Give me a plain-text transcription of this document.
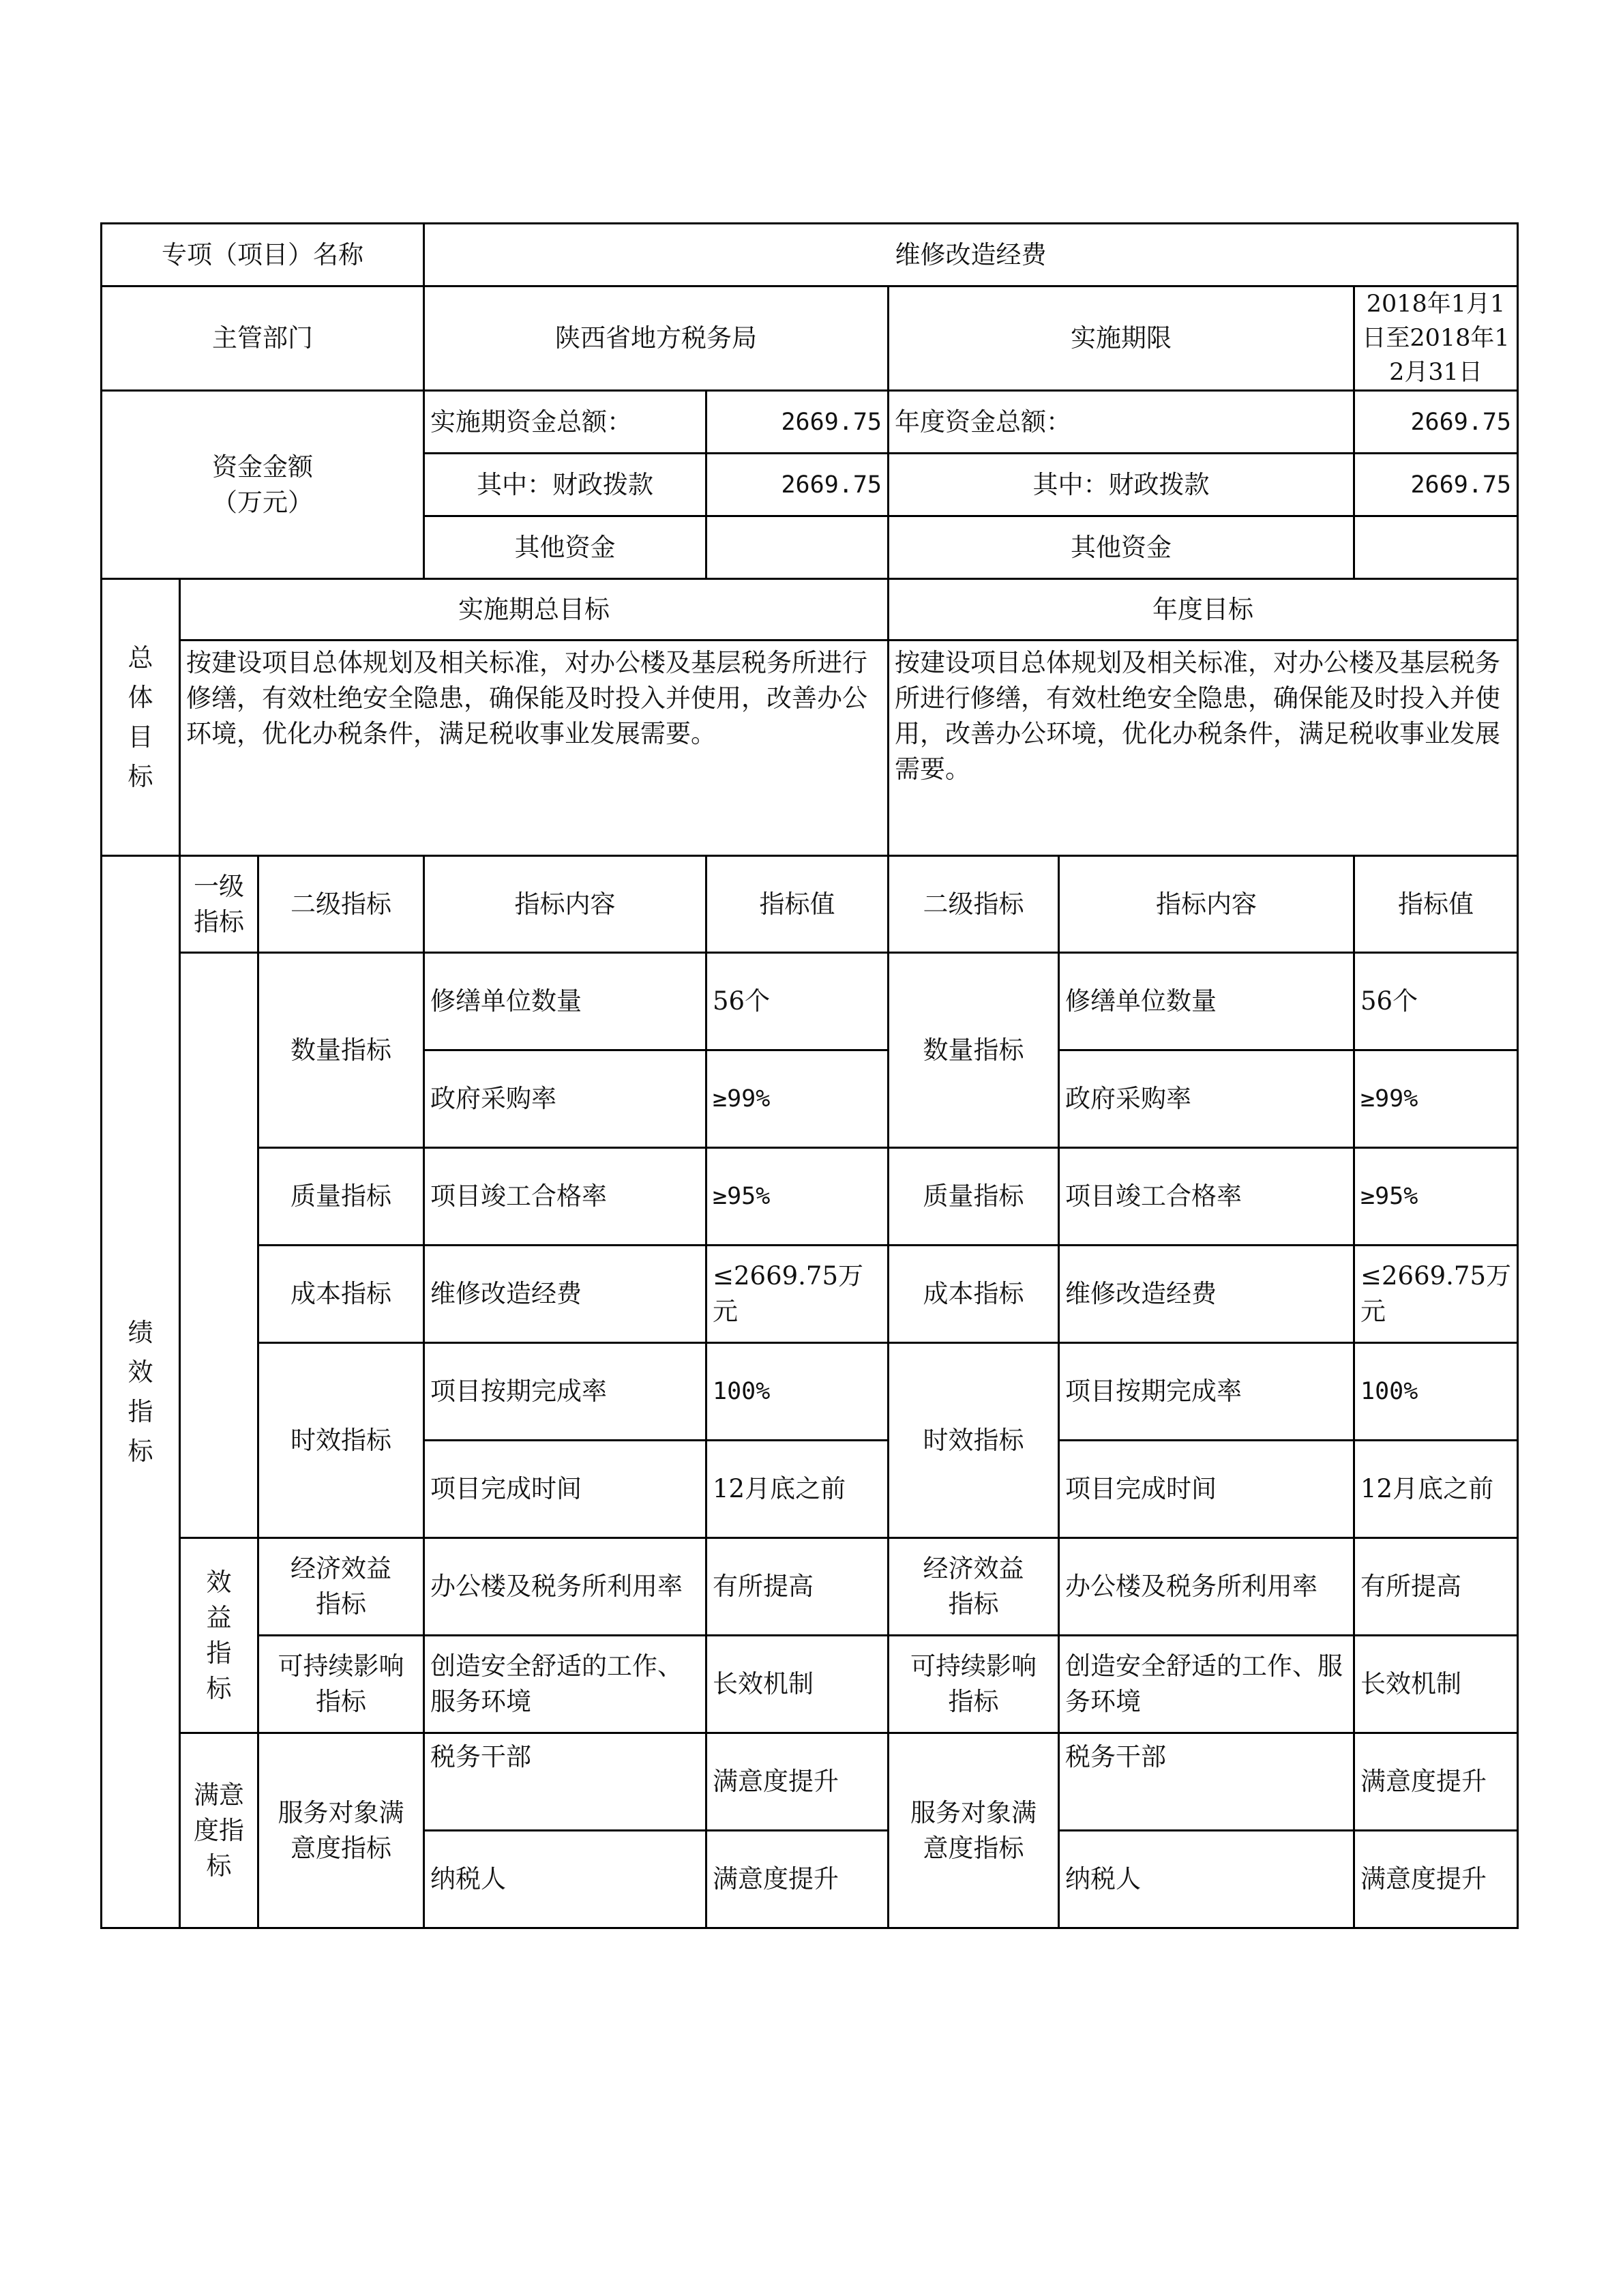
专项（项目）名称			维修改造经费				
主管部门			陕西省地方税务局		实施期限		2018年1月1日至2018年12月31日
资金金额（万元）			实施期资金总额：	2669.75	年度资金总额：		2669.75
			其中：财政拨款	2669.75	其中：财政拨款		2669.75
			其他资金		其他资金		
总体目标	实施期总目标				年度目标		
	按建设项目总体规划及相关标准，对办公楼及基层税务所进行修缮，有效杜绝安全隐患，确保能及时投入并使用，改善办公环境，优化办税条件，满足税收事业发展需要。				按建设项目总体规划及相关标准，对办公楼及基层税务所进行修缮，有效杜绝安全隐患，确保能及时投入并使用，改善办公环境，优化办税条件，满足税收事业发展需要。		
绩效指标	一级指标	二级指标	指标内容	指标值	二级指标	指标内容	指标值
		数量指标	修缮单位数量	56个	数量指标	修缮单位数量	56个
			政府采购率	≥99%		政府采购率	≥99%
		质量指标	项目竣工合格率	≥95%	质量指标	项目竣工合格率	≥95%
		成本指标	维修改造经费	≤2669.75万元	成本指标	维修改造经费	≤2669.75万元
		时效指标	项目按期完成率	100%	时效指标	项目按期完成率	100%
			项目完成时间	12月底之前		项目完成时间	12月底之前
	效益指标	经济效益指标	办公楼及税务所利用率	有所提高	经济效益指标	办公楼及税务所利用率	有所提高
		可持续影响指标	创造安全舒适的工作、服务环境	长效机制	可持续影响指标	创造安全舒适的工作、服务环境	长效机制
	满意度指标	服务对象满意度指标	税务干部	满意度提升	服务对象满意度指标	税务干部	满意度提升
			纳税人	满意度提升		纳税人	满意度提升
